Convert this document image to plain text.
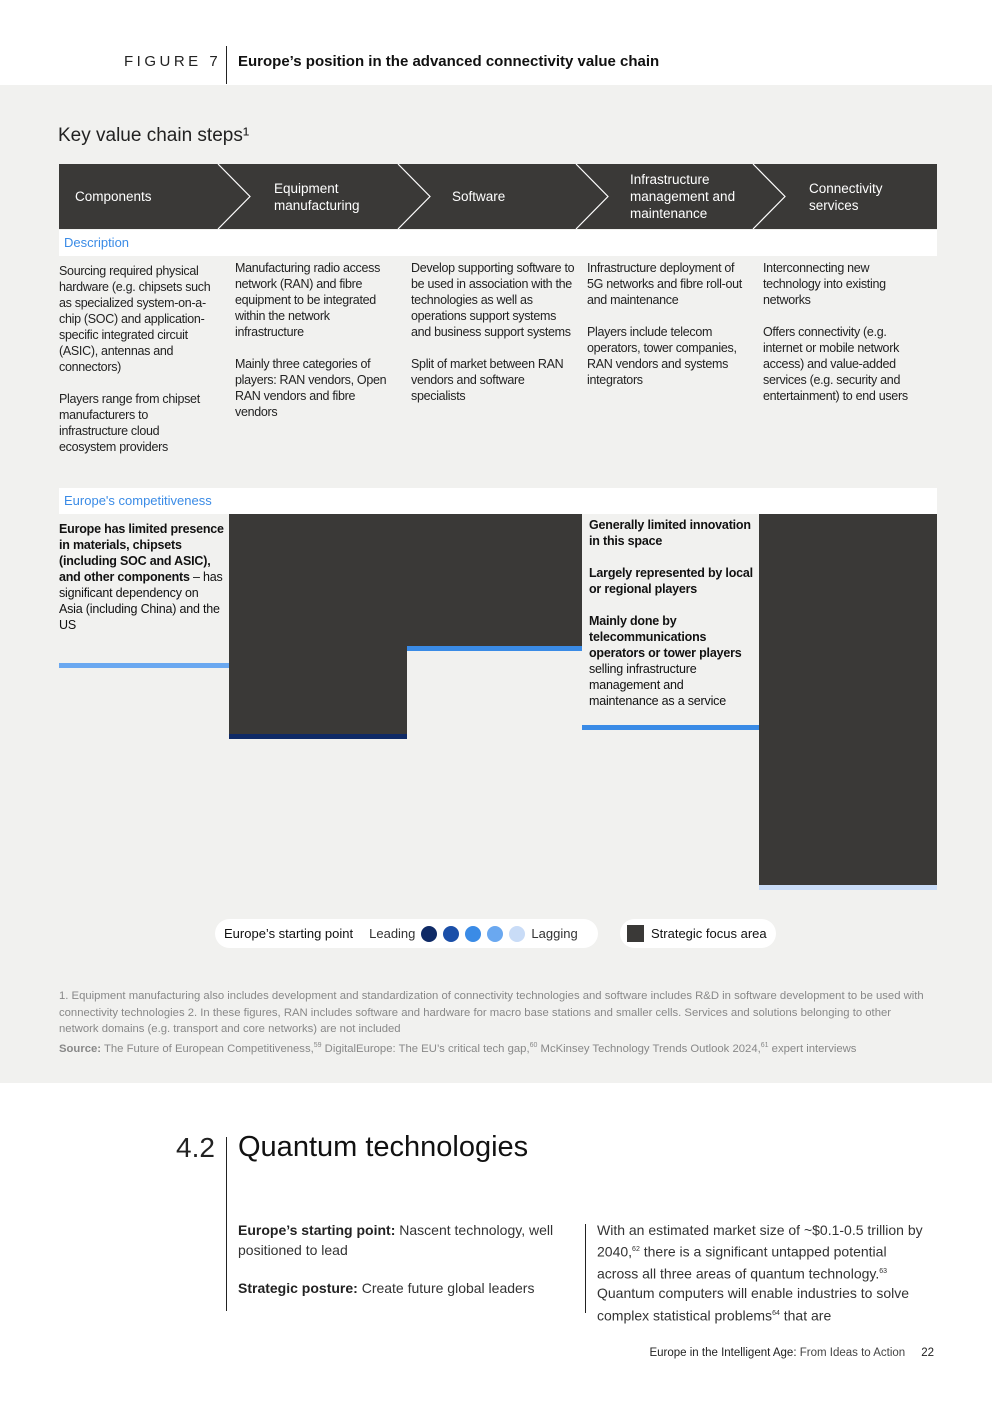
FIGURE 7 Europe’s position in the advanced connectivity value chain
Key value chain steps¹
Components
Equipment manufacturing
Software
Infrastructure management and maintenance
Connectivity services
Description

Sourcing required physical hardware (e.g. chipsets such as specialized system-on-a-chip (SOC) and application-specific integrated circuit (ASIC), antennas and connectors)

Players range from chipset manufacturers to infrastructure cloud ecosystem providers

Manufacturing radio access network (RAN) and fibre equipment to be integrated within the network infrastructure

Mainly three categories of players: RAN vendors, Open RAN vendors and fibre vendors

Develop supporting software to be used in association with the technologies as well as operations support systems and business support systems

Split of market between RAN vendors and software specialists

Infrastructure deployment of 5G networks and fibre roll-out and maintenance

Players include telecom operators, tower companies, RAN vendors and systems integrators

Interconnecting new technology into existing networks

Offers connectivity (e.g. internet or mobile network access) and value-added services (e.g. security and entertainment) to end users

Europe's competitiveness
Europe has limited presence in materials, chipsets (including SOC and ASIC), and other components – has significant dependency on Asia (including China) and the US

Generally limited innovation in this space

Largely represented by local or regional players

Mainly done by telecommunications operators or tower players selling infrastructure management and maintenance as a service

Europe’s starting point Leading	Lagging	Strategic focus area
1. Equipment manufacturing also includes development and standardization of connectivity technologies and software includes R&D in software development to be used with connectivity technologies 2. In these figures, RAN includes software and hardware for macro base stations and smaller cells. Services and solutions belonging to other network domains (e.g. transport and core networks) are not included
Source: The Future of European Competitiveness,$^{59}$ DigitalEurope: The EU’s critical tech gap,$^{60}$ McKinsey Technology Trends Outlook 2024,61 expert interviews
4.2 Quantum technologies
Europe’s starting point: Nascent technology, well positioned to lead
Strategic posture: Create future global leaders
With an estimated market size of ~$0.1-0.5 trillion by 2040,62 there is a significant untapped potential across all three areas of quantum technology.$^{63}$ Quantum computers will enable industries to solve complex statistical problems$^{64}$ that are
Europe in the Intelligent Age: From Ideas to Action 22
